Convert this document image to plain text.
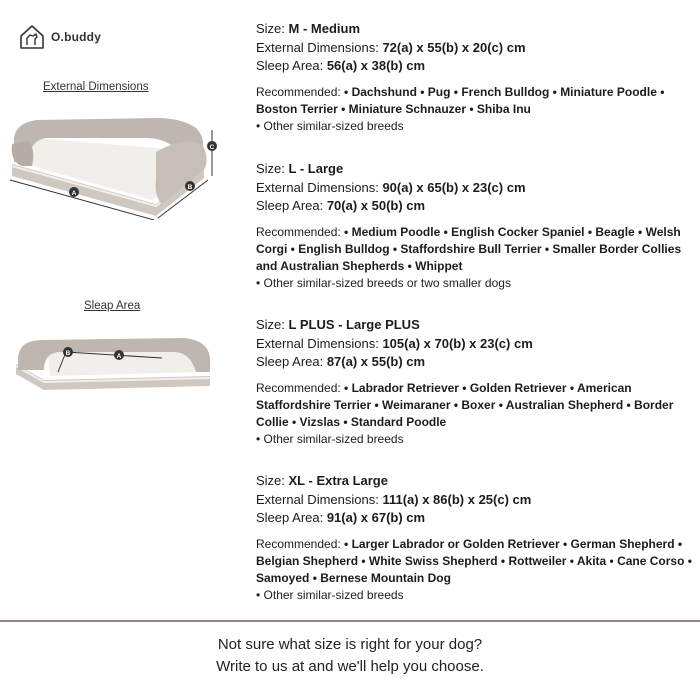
O.buddy
External Dimensions
A
B
C
Sleap Area
B	A
Size: M - Medium
External Dimensions: 72(a) x 55(b) x 20(c) cm
Sleep Area: 56(a) x 38(b) cm
Recommended: • Dachshund • Pug • French Bulldog • Miniature Poodle • Boston Terrier • Miniature Schnauzer • Shiba Inu
• Other similar-sized breeds
Size: L - Large
External Dimensions: 90(a) x 65(b) x 23(c) cm
Sleep Area: 70(a) x 50(b) cm
Recommended: • Medium Poodle • English Cocker Spaniel • Beagle • Welsh Corgi • English Bulldog • Staffordshire Bull Terrier • Smaller Border Collies and Australian Shepherds • Whippet
• Other similar-sized breeds or two smaller dogs
Size: L PLUS - Large PLUS
External Dimensions: 105(a) x 70(b) x 23(c) cm
Sleep Area: 87(a) x 55(b) cm
Recommended: • Labrador Retriever • Golden Retriever • American Staffordshire Terrier • Weimaraner • Boxer • Australian Shepherd • Border Collie • Vizslas • Standard Poodle
• Other similar-sized breeds
Size: XL - Extra Large
External Dimensions: 111(a) x 86(b) x 25(c) cm
Sleep Area: 91(a) x 67(b) cm
Recommended: • Larger Labrador or Golden Retriever • German Shepherd • Belgian Shepherd • White Swiss Shepherd • Rottweiler • Akita • Cane Corso • Samoyed • Bernese Mountain Dog
• Other similar-sized breeds
Not sure what size is right for your dog?
Write to us at and we'll help you choose.
